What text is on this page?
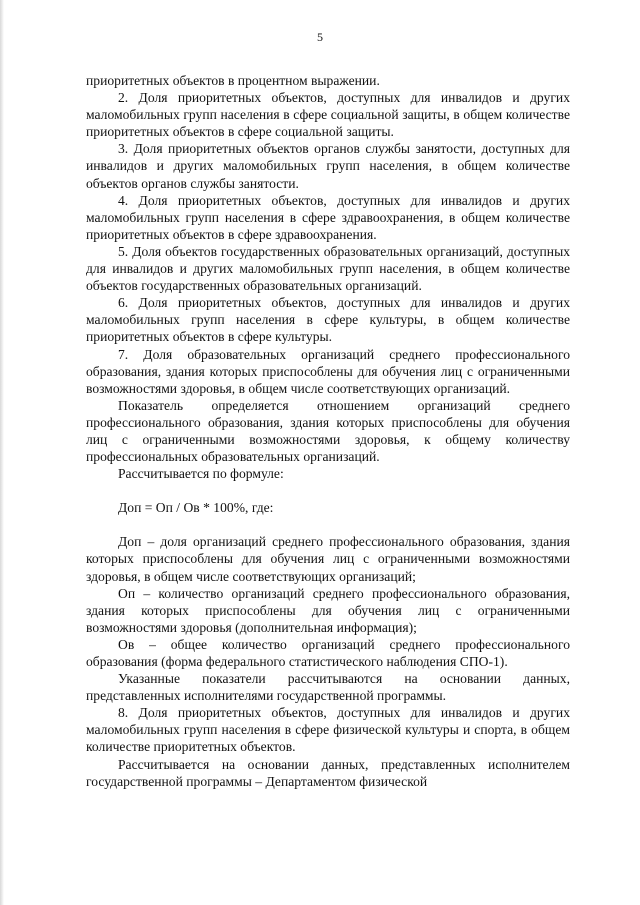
5

приоритетных объектов в процентном выражении.

2. Доля приоритетных объектов, доступных для инвалидов и других маломобильных групп населения в сфере социальной защиты, в общем количестве приоритетных объектов в сфере социальной защиты.

3. Доля приоритетных объектов органов службы занятости, доступных для инвалидов и других маломобильных групп населения, в общем количестве объектов органов службы занятости.

4. Доля приоритетных объектов, доступных для инвалидов и других маломобильных групп населения в сфере здравоохранения, в общем количестве приоритетных объектов в сфере здравоохранения.

5. Доля объектов государственных образовательных организаций, доступных для инвалидов и других маломобильных групп населения, в общем количестве объектов государственных образовательных организаций.

6. Доля приоритетных объектов, доступных для инвалидов и других маломобильных групп населения в сфере культуры, в общем количестве приоритетных объектов в сфере культуры.

7. Доля образовательных организаций среднего профессионального образования, здания которых приспособлены для обучения лиц с ограниченными возможностями здоровья, в общем числе соответствующих организаций.

Показатель определяется отношением организаций среднего профессионального образования, здания которых приспособлены для обучения лиц с ограниченными возможностями здоровья, к общему количеству профессиональных образовательных организаций.

Рассчитывается по формуле:

Доп = Оп / Ов * 100%, где:

Доп – доля организаций среднего профессионального образования, здания которых приспособлены для обучения лиц с ограниченными возможностями здоровья, в общем числе соответствующих организаций;

Оп – количество организаций среднего профессионального образования, здания которых приспособлены для обучения лиц с ограниченными возможностями здоровья (дополнительная информация);

Ов – общее количество организаций среднего профессионального образования (форма федерального статистического наблюдения СПО-1).

Указанные показатели рассчитываются на основании данных, представленных исполнителями государственной программы.

8. Доля приоритетных объектов, доступных для инвалидов и других маломобильных групп населения в сфере физической культуры и спорта, в общем количестве приоритетных объектов.

Рассчитывается на основании данных, представленных исполнителем государственной программы – Департаментом физической
